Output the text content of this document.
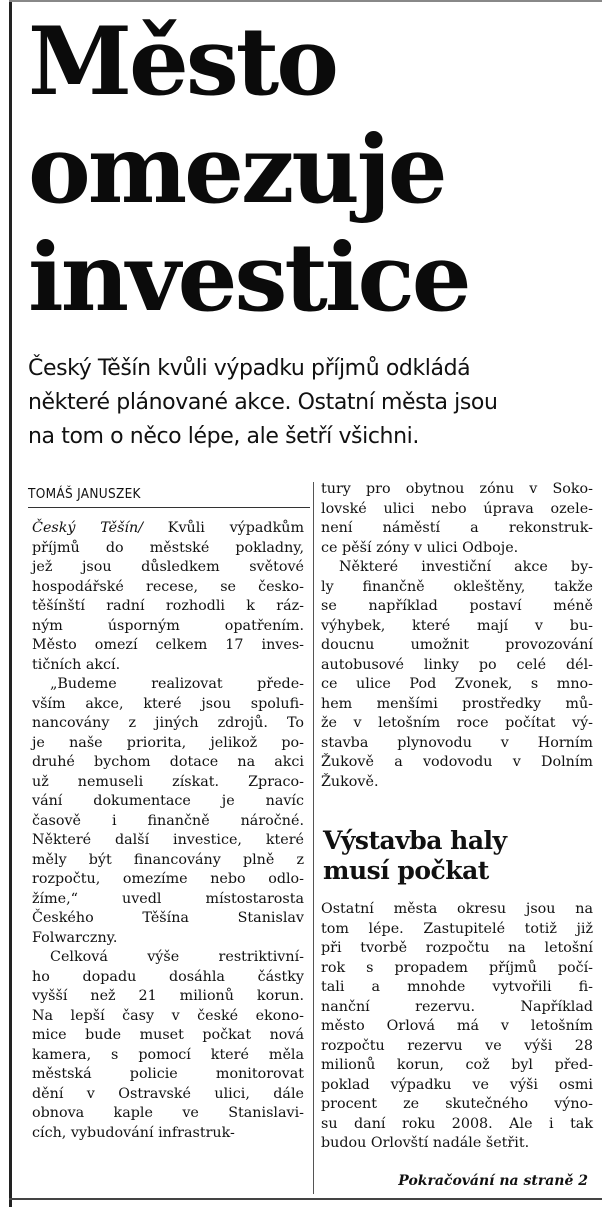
Město
omezuje
investice

Český Těšín kvůli výpadku příjmů odkládá
některé plánované akce. Ostatní města jsou
na tom o něco lépe, ale šetří všichni.

TOMÁŠ JANUSZEK

Český Těšín/ Kvůli výpadkům
příjmů do městské pokladny,
jež jsou důsledkem světové
hospodářské recese, se česko-
těšínští radní rozhodli k ráz-
ným úsporným opatřením.
Město omezí celkem 17 inves-
tičních akcí.

„Budeme realizovat přede-
vším akce, které jsou spolufi-
nancovány z jiných zdrojů. To
je naše priorita, jelikož po-
druhé bychom dotace na akci
už nemuseli získat. Zpraco-
vání dokumentace je navíc
časově i finančně náročné.
Některé další investice, které
měly být financovány plně z
rozpočtu, omezíme nebo odlo-
žíme,“ uvedl místostarosta
Českého Těšína Stanislav
Folwarczny.

Celková výše restriktivní-
ho dopadu dosáhla částky
vyšší než 21 milionů korun.
Na lepší časy v české ekono-
mice bude muset počkat nová
kamera, s pomocí které měla
městská policie monitorovat
dění v Ostravské ulici, dále
obnova kaple ve Stanislavi-
cích, vybudování infrastruk-

tury pro obytnou zónu v Soko-
lovské ulici nebo úprava ozele-
není náměstí a rekonstruk-
ce pěší zóny v ulici Odboje.

Některé investiční akce by-
ly finančně okleštěny, takže
se například postaví méně
výhybek, které mají v bu-
doucnu umožnit provozování
autobusové linky po celé dél-
ce ulice Pod Zvonek, s mno-
hem menšími prostředky mů-
že v letošním roce počítat vý-
stavba plynovodu v Horním
Žukově a vodovodu v Dolním
Žukově.

Výstavba haly
musí počkat

Ostatní města okresu jsou na
tom lépe. Zastupitelé totiž již
při tvorbě rozpočtu na letošní
rok s propadem příjmů počí-
tali a mnohde vytvořili fi-
nanční rezervu. Například
město Orlová má v letošním
rozpočtu rezervu ve výši 28
milionů korun, což byl před-
poklad výpadku ve výši osmi
procent ze skutečného výno-
su daní roku 2008. Ale i tak
budou Orlovští nadále šetřit.

Pokračování na straně 2
